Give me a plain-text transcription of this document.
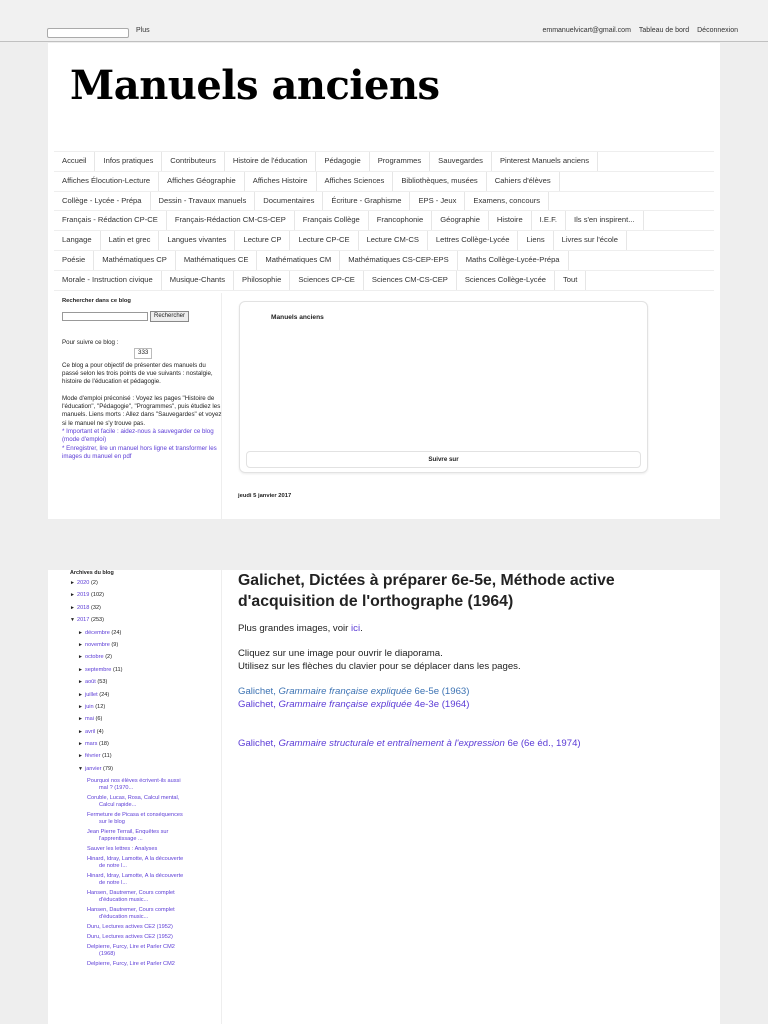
Plus	emmanuelvicart@gmail.com Tableau de bord Déconnexion
Manuels anciens
Accueil	Infos pratiques	Contributeurs	Histoire de l'éducation	Pédagogie	Programmes	Sauvegardes	Pinterest Manuels anciens
Affiches Élocution-Lecture	Affiches Géographie	Affiches Histoire	Affiches Sciences	Bibliothèques, musées	Cahiers d'élèves
Collège - Lycée - Prépa	Dessin - Travaux manuels	Documentaires	Écriture - Graphisme	EPS - Jeux	Examens, concours
Français - Rédaction CP-CE	Français-Rédaction CM-CS-CEP	Français Collège	Francophonie	Géographie	Histoire	I.E.F.	Ils s'en inspirent...
Langage	Latin et grec	Langues vivantes	Lecture CP	Lecture CP-CE	Lecture CM-CS	Lettres Collège-Lycée	Liens	Livres sur l'école
Poésie	Mathématiques CP	Mathématiques CE	Mathématiques CM	Mathématiques CS-CEP-EPS	Maths Collège-Lycée-Prépa
Morale - Instruction civique	Musique-Chants	Philosophie	Sciences CP-CE	Sciences CM-CS-CEP	Sciences Collège-Lycée	Tout
Rechercher dans ce blog
Rechercher
Pour suivre ce blog :
333
Ce blog a pour objectif de présenter des manuels du passé selon les trois points de vue suivants : nostalgie, histoire de l'éducation et pédagogie.
Mode d'emploi préconisé : Voyez les pages "Histoire de l'éducation", "Pédagogie", "Programmes", puis étudiez les manuels. Liens morts : Allez dans "Sauvegardes" et voyez si le manuel ne s'y trouve pas.
* Important et facile : aidez-nous à sauvegarder ce blog (mode d'emploi)
* Enregistrer, lire un manuel hors ligne et transformer les images du manuel en pdf
Manuels anciens
Suivre sur
jeudi 5 janvier 2017
Archives du blog
► 2020 (2)
► 2019 (102)
► 2018 (32)
▼ 2017 (253)
► décembre (24)
► novembre (9)
► octobre (2)
► septembre (11)
► août (53)
► juillet (24)
► juin (12)
► mai (6)
► avril (4)
► mars (18)
► février (11)
▼ janvier (79)
Pourquoi nos élèves écrivent-ils aussi
mal ? (1970...
Coruble, Lucas, Rosa, Calcul mental,
Calcul rapide...
Fermeture de Picasa et conséquences
sur le blog
Jean Pierre Terrail, Enquêtes sur
l'apprentissage ...
Sauver les lettres : Analyses
Hinard, Idray, Lamotte, A la découverte
de notre l...
Hinard, Idray, Lamotte, A la découverte
de notre l...
Hansen, Dautremer, Cours complet
d'éducation music...
Hansen, Dautremer, Cours complet
d'éducation music...
Duru, Lectures actives CE2 (1952)
Duru, Lectures actives CE2 (1952)
Delpierre, Furcy, Lire et Parler CM2
(1968)
Delpierre, Furcy, Lire et Parler CM2
Galichet, Dictées à préparer 6e-5e, Méthode active d'acquisition de l'orthographe (1964)

Plus grandes images, voir ici.

Cliquez sur une image pour ouvrir le diaporama.
Utilisez sur les flèches du clavier pour se déplacer dans les pages.

Galichet, Grammaire française expliquée 6e-5e (1963)
Galichet, Grammaire française expliquée 4e-3e (1964)

Galichet, Grammaire structurale et entraînement à l'expression 6e (6e éd., 1974)
